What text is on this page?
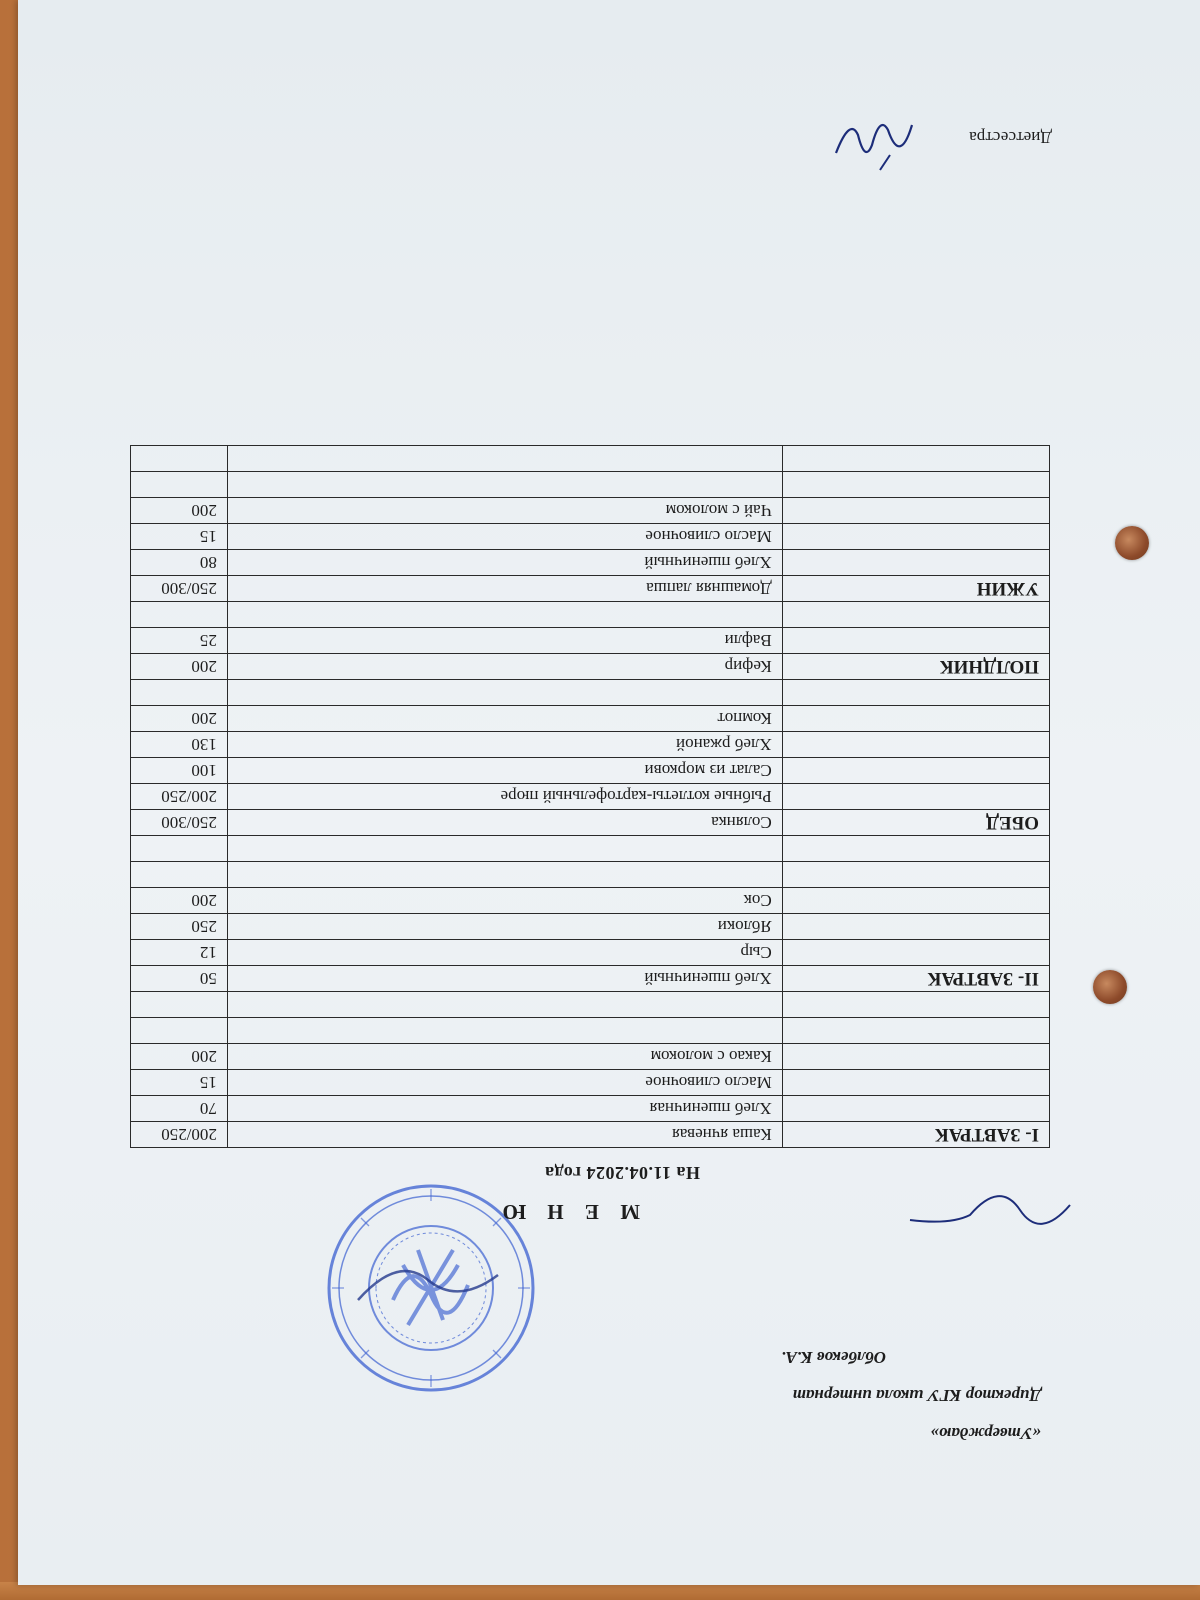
«Утверждаю»
Директор КГУ школа интернат
Облбеков К.А.
М Е Н Ю
На 11.04.2024 года
I- ЗАВТРАК	Каша ячневая	200/250
	Хлеб пшеничная	70
	Масло сливочное	15
	Какао с молоком	200

II- ЗАВТРАК	Хлеб пшеничный	50
	Сыр	12
	Яблоки	250
	Сок	200

ОБЕД	Солянка	250/300
	Рыбные котлеты-картофельный пюре	200/250
	Салат из моркови	100
	Хлеб ржаной	130
	Компот	200

ПОЛДНИК	Кефир	200
	Вафли	25

УЖИН	Домашняя лапша	250/300
	Хлеб пшеничный	80
	Масло сливочное	15
	Чай с молоком	200

Диетсестра
